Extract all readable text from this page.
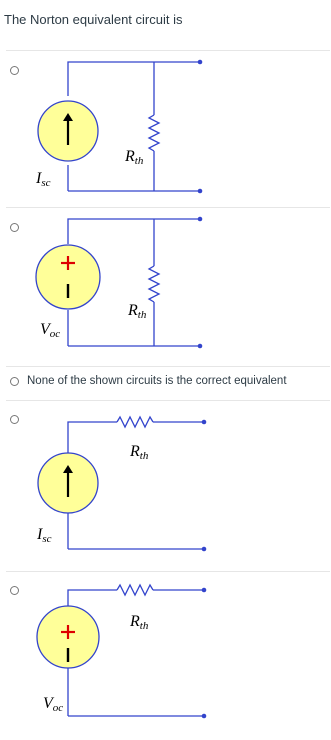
The Norton equivalent circuit is
Rth
Isc
Rth
Voc
None of the shown circuits is the correct equivalent
Rth
Isc
Rth
Voc
